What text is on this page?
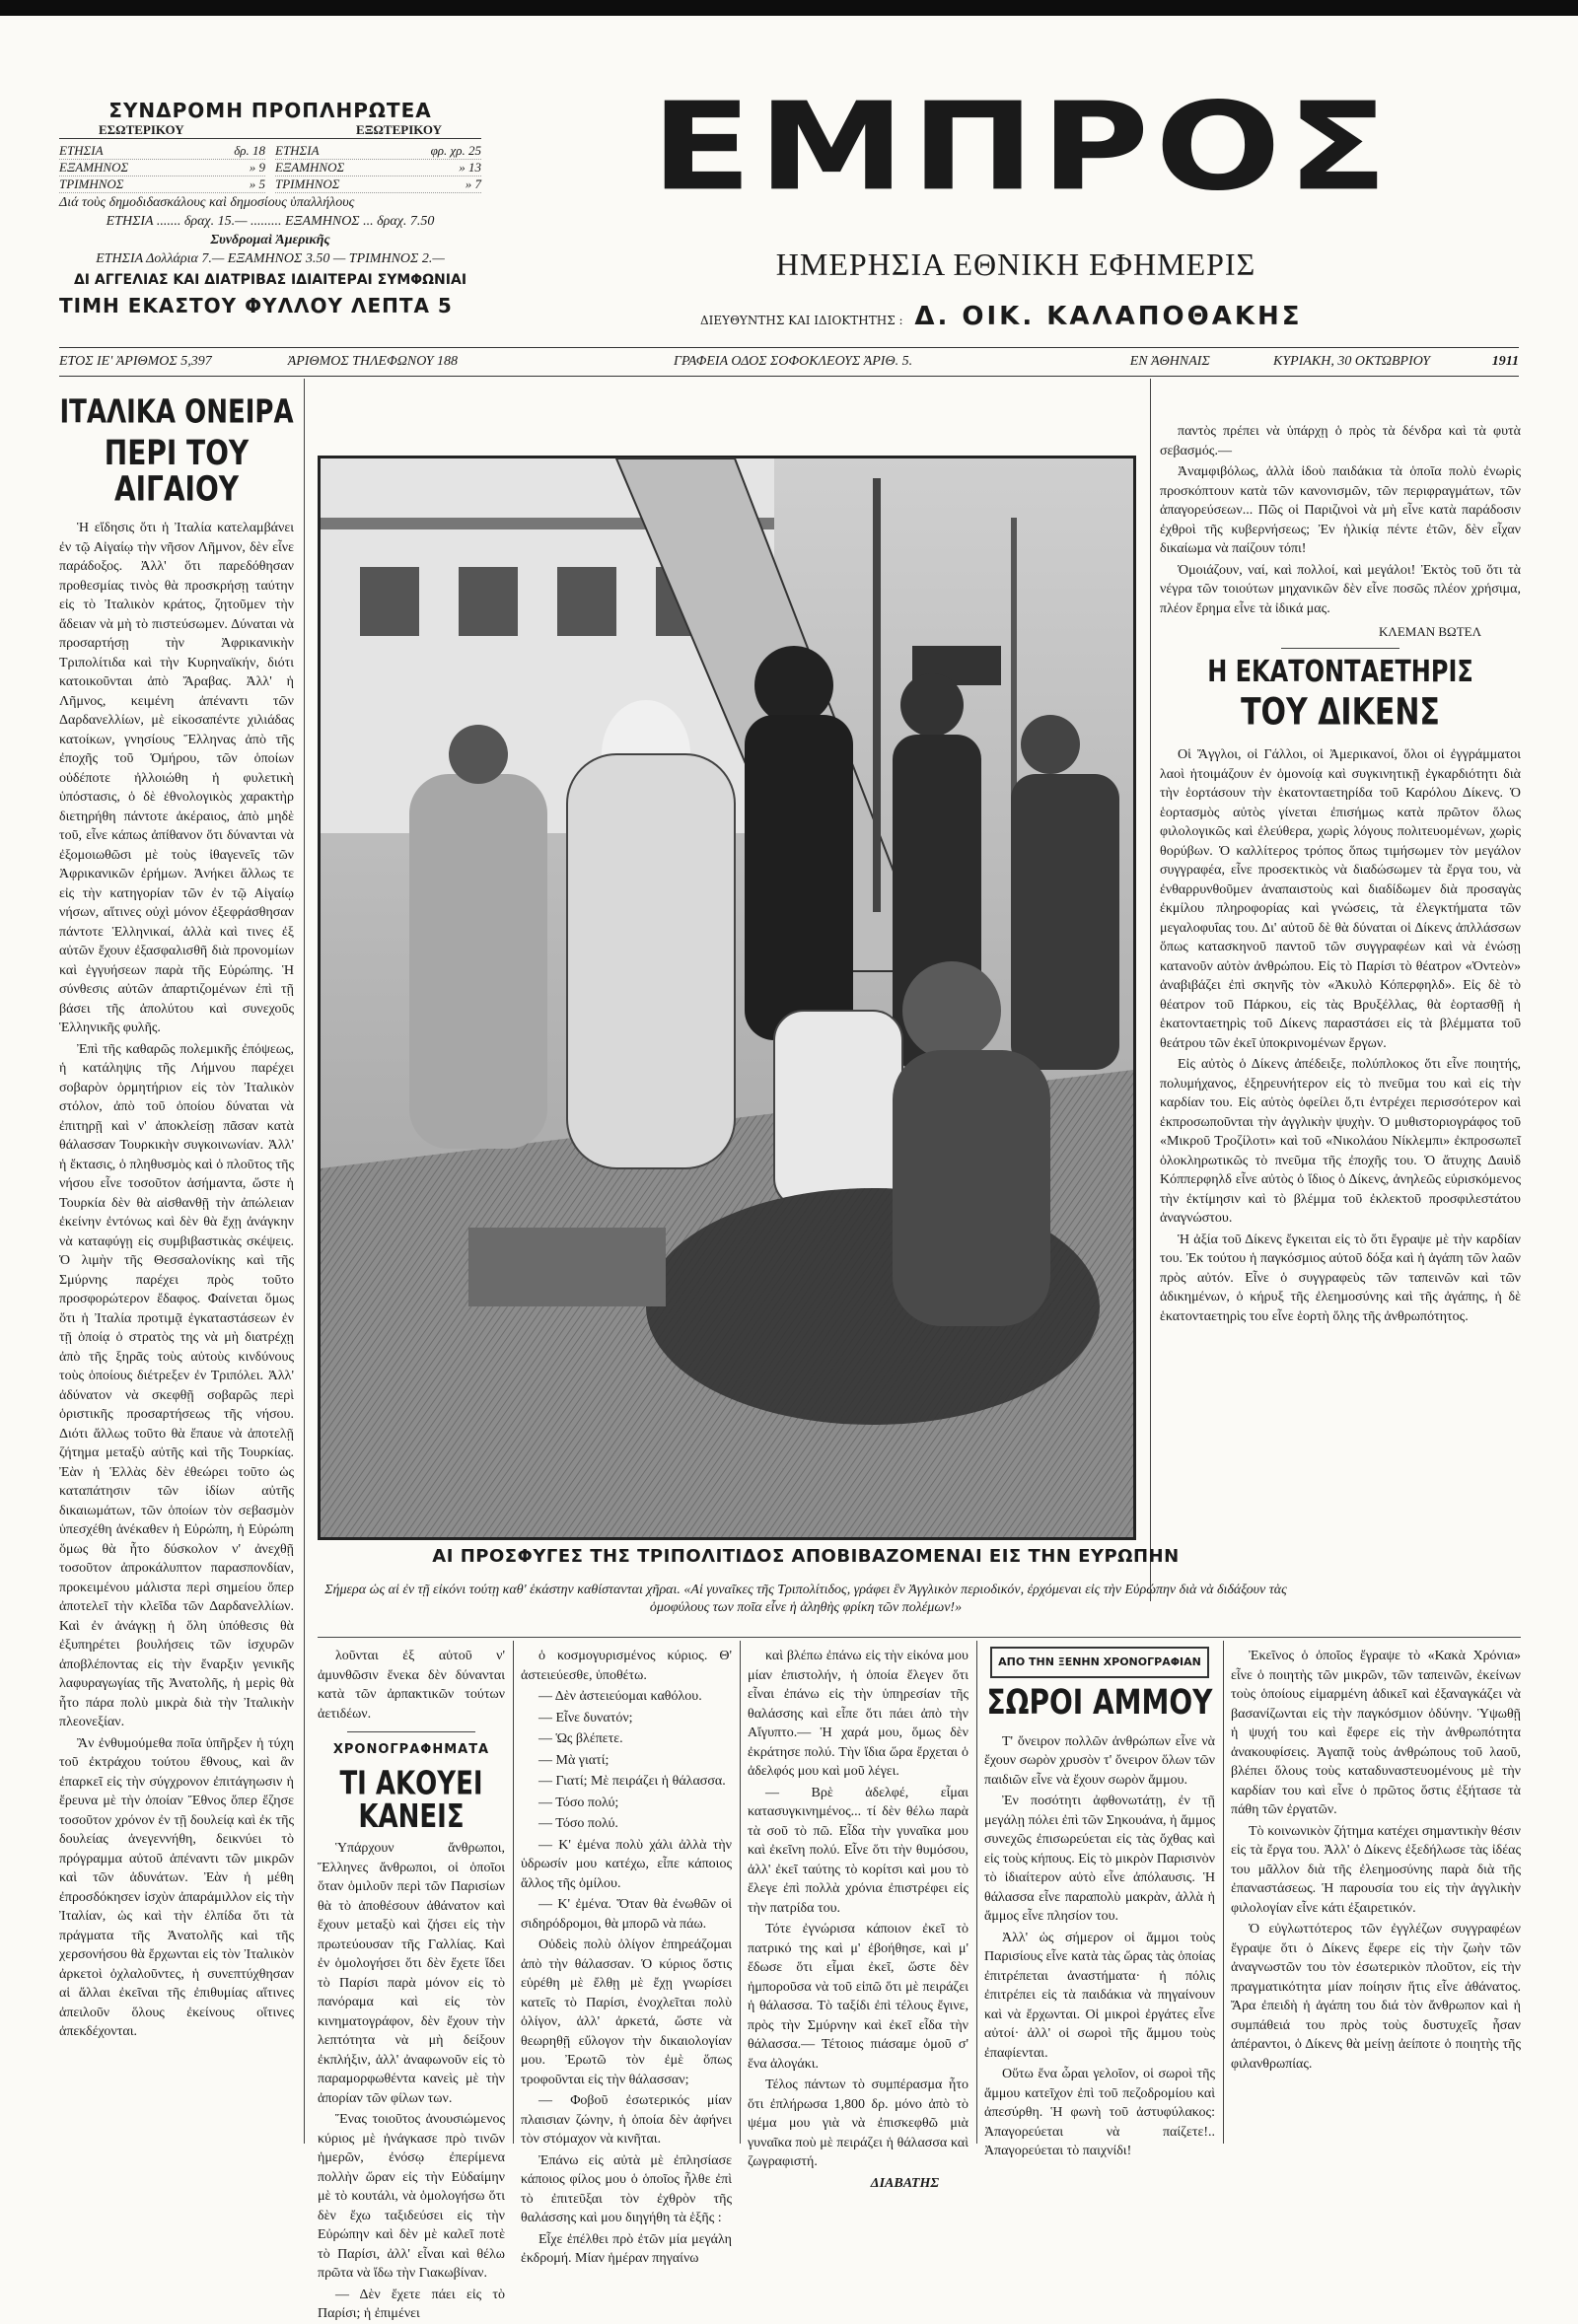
ΣΥΝΔΡΟΜΗ ΠΡΟΠΛΗΡΩΤΕΑ
ΕΣΩΤΕΡΙΚΟΥ	ΕΞΩΤΕΡΙΚΟΥ
ΕΤΗΣΙΑ	δρ. 18
ΕΞΑΜΗΝΟΣ	» 9
ΤΡΙΜΗΝΟΣ	» 5
ΕΤΗΣΙΑ	φρ. χρ. 25
ΕΞΑΜΗΝΟΣ	» 13
ΤΡΙΜΗΝΟΣ	» 7
Διά τοὺς δημοδιδασκάλους καὶ δημοσίους ὑπαλλήλους
ΕΤΗΣΙΑ ....... δραχ. 15.— ......... ΕΞΑΜΗΝΟΣ ... δραχ. 7.50
Συνδρομαὶ Ἀμερικῆς
ΕΤΗΣΙΑ Δολλάρια 7.— ΕΞΑΜΗΝΟΣ 3.50 — ΤΡΙΜΗΝΟΣ 2.—
ΔΙ ΑΓΓΕΛΙΑΣ ΚΑΙ ΔΙΑΤΡΙΒΑΣ ΙΔΙΑΙΤΕΡΑΙ ΣΥΜΦΩΝΙΑΙ
ΤΙΜΗ ΕΚΑΣΤΟΥ ΦΥΛΛΟΥ ΛΕΠΤΑ 5
ΕΜΠΡΟΣ
ΗΜΕΡΗΣΙΑ ΕΘΝΙΚΗ ΕΦΗΜΕΡΙΣ
ΔΙΕΥΘΥΝΤΗΣ ΚΑΙ ΙΔΙΟΚΤΗΤΗΣ : Δ. ΟΙΚ. ΚΑΛΑΠΟΘΑΚΗΣ
ΕΤΟΣ ΙΕ' ἈΡΙΘΜΟΣ 5,397	ἈΡΙΘΜΟΣ ΤΗΛΕΦΩΝΟΥ 188	ΓΡΑΦΕΙΑ ΟΔΟΣ ΣΟΦΟΚΛΕΟΥΣ ἈΡΙΘ. 5.	ΕΝ ἈΘΗΝΑΙΣ	ΚΥΡΙΑΚΗ, 30 ΟΚΤΩΒΡΙΟΥ	1911
ΙΤΑΛΙΚΑ ΟΝΕΙΡΑ
ΠΕΡΙ ΤΟΥ ΑΙΓΑΙΟΥ

Ἡ εἴδησις ὅτι ἡ Ἰταλία κατελαμβάνει ἐν τῷ Αἰγαίῳ τὴν νῆσον Λῆμνον, δὲν εἶνε παράδοξος. Ἀλλ' ὅτι παρεδόθησαν προθεσμίας τινὸς θὰ προσκρήσῃ ταύτην εἰς τὸ Ἰταλικὸν κράτος, ζητοῦμεν τὴν ἄδειαν νὰ μὴ τὸ πιστεύσωμεν. Δύναται νὰ προσαρτήσῃ τὴν Ἀφρικανικὴν Τριπολίτιδα καὶ τὴν Κυρηναϊκήν, διότι κατοικοῦνται ἀπὸ Ἄραβας. Ἀλλ' ἡ Λῆμνος, κειμένη ἀπέναντι τῶν Δαρδανελλίων, μὲ εἰκοσαπέντε χιλιάδας κατοίκων, γνησίους Ἕλληνας ἀπὸ τῆς ἐποχῆς τοῦ Ὁμήρου, τῶν ὁποίων οὐδέποτε ἠλλοιώθη ἡ φυλετικὴ ὑπόστασις, ὁ δὲ ἐθνολογικὸς χαρακτὴρ διετηρήθη πάντοτε ἀκέραιος, ἀπὸ μηδὲ τοῦ, εἶνε κάπως ἀπίθανον ὅτι δύνανται νὰ ἐξομοιωθῶσι μὲ τοὺς ἰθαγενεῖς τῶν Ἀφρικανικῶν ἐρήμων. Ἀνήκει ἄλλως τε εἰς τὴν κατηγορίαν τῶν ἐν τῷ Αἰγαίῳ νήσων, αἵτινες οὐχὶ μόνον ἐξεφράσθησαν πάντοτε Ἑλληνικαί, ἀλλὰ καὶ τινες ἐξ αὐτῶν ἔχουν ἐξασφαλισθῆ διὰ προνομίων καὶ ἐγγυήσεων παρὰ τῆς Εὐρώπης. Ἡ σύνθεσις αὐτῶν ἀπαρτιζομένων ἐπὶ τῇ βάσει τῆς ἀπολύτου καὶ συνεχοῦς Ἑλληνικῆς φυλῆς.

Ἐπὶ τῆς καθαρῶς πολεμικῆς ἐπόψεως, ἡ κατάληψις τῆς Λήμνου παρέχει σοβαρὸν ὁρμητήριον εἰς τὸν Ἰταλικὸν στόλον, ἀπὸ τοῦ ὁποίου δύναται νὰ ἐπιτηρῇ καὶ ν' ἀποκλείσῃ πᾶσαν κατὰ θάλασσαν Τουρκικὴν συγκοινωνίαν. Ἀλλ' ἡ ἔκτασις, ὁ πληθυσμὸς καὶ ὁ πλοῦτος τῆς νήσου εἶνε τοσοῦτον ἀσήμαντα, ὥστε ἡ Τουρκία δὲν θὰ αἰσθανθῇ τὴν ἀπώλειαν ἐκείνην ἐντόνως καὶ δὲν θὰ ἔχῃ ἀνάγκην νὰ καταφύγῃ εἰς συμβιβαστικὰς σκέψεις. Ὁ λιμὴν τῆς Θεσσαλονίκης καὶ τῆς Σμύρνης παρέχει πρὸς τοῦτο προσφορώτερον ἔδαφος. Φαίνεται ὅμως ὅτι ἡ Ἰταλία προτιμᾷ ἐγκαταστάσεων ἐν τῇ ὁποίᾳ ὁ στρατὸς της νὰ μὴ διατρέχῃ ἀπὸ τῆς ξηρᾶς τοὺς αὐτοὺς κινδύνους τοὺς ὁποίους διέτρεξεν ἐν Τριπόλει. Ἀλλ' ἀδύνατον νὰ σκεφθῇ σοβαρῶς περὶ ὁριστικῆς προσαρτήσεως τῆς νήσου. Διότι ἄλλως τοῦτο θὰ ἔπαυε νὰ ἀποτελῇ ζήτημα μεταξὺ αὐτῆς καὶ τῆς Τουρκίας. Ἐὰν ἡ Ἑλλὰς δὲν ἐθεώρει τοῦτο ὡς καταπάτησιν τῶν ἰδίων αὐτῆς δικαιωμάτων, τῶν ὁποίων τὸν σεβασμὸν ὑπεσχέθη ἀνέκαθεν ἡ Εὐρώπη, ἡ Εὐρώπη ὅμως θὰ ἦτο δύσκολον ν' ἀνεχθῇ τοσοῦτον ἀπροκάλυπτον παρασπονδίαν, προκειμένου μάλιστα περὶ σημείου ὅπερ ἀποτελεῖ τὴν κλεῖδα τῶν Δαρδανελλίων. Καὶ ἐν ἀνάγκῃ ἡ ὅλη ὑπόθεσις θὰ ἐξυπηρέτει βουλήσεις τῶν ἰσχυρῶν ἀποβλέποντας εἰς τὴν ἔναρξιν γενικῆς λαφυραγωγίας τῆς Ἀνατολῆς, ἡ μερὶς θὰ ἦτο πάρα πολὺ μικρὰ διὰ τὴν Ἰταλικὴν πλεονεξίαν.

Ἂν ἐνθυμούμεθα ποῖα ὑπῆρξεν ἡ τύχη τοῦ ἐκτράχου τούτου ἔθνους, καὶ ἂν ἐπαρκεῖ εἰς τὴν σύγχρονον ἐπιτάγηωσιν ἡ ἔρευνα μὲ τὴν ὁποίαν Ἔθνος ὅπερ ἔζησε τοσοῦτον χρόνον ἐν τῇ δουλείᾳ καὶ ἐκ τῆς δουλείας ἀνεγεννήθη, δεικνύει τὸ πρόγραμμα αὐτοῦ ἀπέναντι τῶν μικρῶν καὶ τῶν ἀδυνάτων. Ἐὰν ἡ μέθη ἐπροσδόκησεν ἰσχὺν ἀπαράμιλλον εἰς τὴν Ἰταλίαν, ὡς καὶ τὴν ἐλπίδα ὅτι τὰ πράγματα τῆς Ἀνατολῆς καὶ τῆς χερσονήσου θὰ ἔρχωνται εἰς τὸν Ἰταλικὸν ἀρκετοὶ ὀχλαλοῦντες, ἡ συνεπτύχθησαν αἱ ἄλλαι ἐκεῖναι τῆς ἐπιθυμίας αἵτινες ἀπειλοῦν ὅλους ἐκείνους οἵτινες ἀπεκδέχονται.

ΑΙ ΠΡΟΣΦΥΓΕΣ ΤΗΣ ΤΡΙΠΟΛΙΤΙΔΟΣ ΑΠΟΒΙΒΑΖΟΜΕΝΑΙ ΕΙΣ ΤΗΝ ΕΥΡΩΠΗΝ
Σήμερα ὡς αἱ ἐν τῇ εἰκόνι τούτῃ καθ' ἑκάστην καθίστανται χῆραι. «Αἱ γυναῖκες τῆς Τριπολίτιδος, γράφει ἓν Ἀγγλικὸν περιοδικόν, ἐρχόμεναι εἰς τὴν Εὐρώπην διὰ νὰ διδάξουν τὰς ὁμοφύλους των ποῖα εἶνε ἡ ἀληθὴς φρίκη τῶν πολέμων!»

παντὸς πρέπει νὰ ὑπάρχῃ ὁ πρὸς τὰ δένδρα καὶ τὰ φυτὰ σεβασμός.—

Ἀναμφιβόλως, ἀλλὰ ἰδοὺ παιδάκια τὰ ὁποῖα πολὺ ἐνωρὶς προσκόπτουν κατὰ τῶν κανονισμῶν, τῶν περιφραγμάτων, τῶν ἀπαγορεύσεων... Πῶς οἱ Παριζινοὶ νὰ μὴ εἶνε κατὰ παράδοσιν ἐχθροὶ τῆς κυβερνήσεως; Ἐν ἡλικίᾳ πέντε ἐτῶν, δὲν εἶχαν δικαίωμα νὰ παίζουν τόπι!

Ὁμοιάζουν, ναί, καὶ πολλοί, καὶ μεγάλοι! Ἐκτὸς τοῦ ὅτι τὰ νέγρα τῶν τοιούτων μηχανικῶν δὲν εἶνε ποσῶς πλέον χρήσιμα, πλέον ἔρημα εἶνε τὰ ἰδικά μας.

ΚΛΕΜΑΝ ΒΩΤΕΛ
Η ΕΚΑΤΟΝΤΑΕΤΗΡΙΣ
ΤΟΥ ΔΙΚΕΝΣ

Οἱ Ἄγγλοι, οἱ Γάλλοι, οἱ Ἀμερικανοί, ὅλοι οἱ ἐγγράμματοι λαοὶ ἡτοιμάζουν ἐν ὁμονοίᾳ καὶ συγκινητικῇ ἐγκαρδιότητι διὰ τὴν ἑορτάσουν τὴν ἑκατονταετηρίδα τοῦ Καρόλου Δίκενς. Ὁ ἑορτασμὸς αὐτὸς γίνεται ἐπισήμως κατὰ πρῶτον ὅλως φιλολογικῶς καὶ ἐλεύθερα, χωρὶς λόγους πολιτευομένων, χωρὶς θορύβων. Ὁ καλλίτερος τρόπος ὅπως τιμήσωμεν τὸν μεγάλον συγγραφέα, εἶνε προσεκτικὸς νὰ διαδώσωμεν τὰ ἔργα του, νὰ ἐνθαρρυνθοῦμεν ἀναπαιστοὺς καὶ διαδίδωμεν διὰ προσαγὰς ἐκμίλου πληροφορίας καὶ γνώσεις, τὰ ἐλεγκτήματα τῶν μεγαλοφυΐας του. Δι' αὐτοῦ δὲ θὰ δύναται οἱ Δίκενς ἀπλλάσσων ὅπως κατασκηνοῦ παντοῦ τῶν συγγραφέων καὶ νὰ ἐνώσῃ κατανοῦν αὐτὸν ἀνθρώπου. Εἰς τὸ Παρίσι τὸ θέατρον «Ὀντεὸν» ἀναβιβάζει ἐπὶ σκηνῆς τὸν «Ἀκυλὸ Κόπερφηλδ». Εἰς δὲ τὸ θέατρον τοῦ Πάρκου, εἰς τὰς Βρυξέλλας, θὰ ἑορτασθῇ ἡ ἑκατονταετηρὶς τοῦ Δίκενς παραστάσει εἰς τὰ βλέμματα τοῦ θεάτρου τῶν ἐκεῖ ὑποκρινομένων ἔργων.

Εἰς αὐτὸς ὁ Δίκενς ἀπέδειξε, πολύπλοκος ὅτι εἶνε ποιητής, πολυμήχανος, ἐξηρευνήτερον εἰς τὸ πνεῦμα του καὶ εἰς τὴν καρδίαν του. Εἰς αὐτὸς ὀφείλει ὅ,τι ἐντρέχει περισσότερον καὶ ἐκπροσωποῦνται τὴν ἀγγλικὴν ψυχὴν. Ὁ μυθιστοριογράφος τοῦ «Μικροῦ Τροζίλοτι» καὶ τοῦ «Νικολάου Νίκλεμπι» ἐκπροσωπεῖ ὁλοκληρωτικῶς τὸ πνεῦμα τῆς ἐποχῆς του. Ὁ ἄτυχης Δαυὶδ Κόππερφηλδ εἶνε αὐτὸς ὁ ἴδιος ὁ Δίκενς, ἀνηλεῶς εὑρισκόμενος τὴν ἐκτίμησιν καὶ τὸ βλέμμα τοῦ ἐκλεκτοῦ προσφιλεστάτου ἀναγνώστου.

Ἡ ἀξία τοῦ Δίκενς ἔγκειται εἰς τὸ ὅτι ἔγραψε μὲ τὴν καρδίαν του. Ἐκ τούτου ἡ παγκόσμιος αὐτοῦ δόξα καὶ ἡ ἀγάπη τῶν λαῶν πρὸς αὐτόν. Εἶνε ὁ συγγραφεὺς τῶν ταπεινῶν καὶ τῶν ἀδικημένων, ὁ κήρυξ τῆς ἐλεημοσύνης καὶ τῆς ἀγάπης, ἡ δὲ ἑκατονταετηρὶς του εἶνε ἑορτὴ ὅλης τῆς ἀνθρωπότητος.

λοῦνται ἐξ αὐτοῦ ν' ἀμυνθῶσιν ἕνεκα δὲν δύνανται κατὰ τῶν ἀρπακτικῶν τούτων ἀετιδέων.

ΧΡΟΝΟΓΡΑΦΗΜΑΤΑ
ΤΙ ΑΚΟΥΕΙ ΚΑΝΕΙΣ

Ὑπάρχουν ἄνθρωποι, Ἕλληνες ἄνθρωποι, οἱ ὁποῖοι ὅταν ὁμιλοῦν περὶ τῶν Παρισίων θὰ τὸ ἀποθέσουν ἀθάνατον καὶ ἔχουν μεταξὺ καὶ ζήσει εἰς τὴν πρωτεύουσαν τῆς Γαλλίας. Καὶ ἐν ὁμολογήσει ὅτι δὲν ἔχετε ἴδει τὸ Παρίσι παρὰ μόνον εἰς τὸ πανόραμα καὶ εἰς τὸν κινηματογράφον, δὲν ἔχουν τὴν λεπτότητα νὰ μὴ δείξουν ἐκπλήξιν, ἀλλ' ἀναφωνοῦν εἰς τὸ παραμορφωθέντα κανεὶς μὲ τὴν ἀπορίαν τῶν φίλων των.

Ἕνας τοιοῦτος ἀνουσιώμενος κύριος μὲ ἠνάγκασε πρὸ τινῶν ἡμερῶν, ἐνόσῳ ἐπερίμενα πολλὴν ὥραν εἰς τὴν Εὐδαίμην μὲ τὸ κουτάλι, νὰ ὁμολογήσω ὅτι δὲν ἔχω ταξιδεύσει εἰς τὴν Εὐρώπην καὶ δὲν μὲ καλεῖ ποτὲ τὸ Παρίσι, ἀλλ' εἶναι καὶ θέλω πρῶτα νὰ ἴδω τὴν Γιακωβίναν.

— Δὲν ἔχετε πάει εἰς τὸ Παρίσι; ἡ ἐπιμένει

ὁ κοσμογυρισμένος κύριος. Θ' ἀστειεύεσθε, ὑποθέτω.

— Δὲν ἀστειεύομαι καθόλου.

— Εἶνε δυνατόν;

— Ὡς βλέπετε.

— Μὰ γιατί;

— Γιατί; Μὲ πειράζει ἡ θάλασσα.

— Τόσο πολύ;

— Τόσο πολύ.

— Κ' ἐμένα πολὺ χάλι ἀλλὰ τὴν ὑδρωσίν μου κατέχω, εἶπε κάποιος ἄλλος τῆς ὁμίλου.

— Κ' ἐμένα. Ὅταν θὰ ἐνωθῶν οἱ σιδηρόδρομοι, θὰ μπορῶ νὰ πάω.

Οὐδεὶς πολὺ ὀλίγον ἐπηρεάζομαι ἀπὸ τὴν θάλασσαν. Ὁ κύριος ὅστις εὑρέθη μὲ ἔλθῃ μὲ ἔχῃ γνωρίσει κατεῖς τὸ Παρίσι, ἐνοχλεῖται πολὺ ὀλίγον, ἀλλ' ἀρκετά, ὥστε νὰ θεωρηθῇ εὔλογον τὴν δικαιολογίαν μου. Ἐρωτῶ τὸν ἐμὲ ὅπως τροφοῦνται εἰς τὴν θάλασσαν;

— Φοβοῦ ἐσωτερικός μίαν πλαισιαν ζώνην, ἡ ὁποία δὲν ἀφήνει τὸν στόμαχον νὰ κινῆται.

Ἐπάνω εἰς αὐτὰ μὲ ἐπλησίασε κάποιος φίλος μου ὁ ὁποῖος ἦλθε ἐπὶ τὸ ἐπιτεῦξαι τὸν ἐχθρὸν τῆς θαλάσσης καὶ μου διηγήθη τὰ ἑξῆς :

Εἶχε ἐπέλθει πρὸ ἐτῶν μία μεγάλη ἐκδρομή. Μίαν ἡμέραν πηγαίνω

καὶ βλέπω ἐπάνω εἰς τὴν εἰκόνα μου μίαν ἐπιστολήν, ἡ ὁποία ἔλεγεν ὅτι εἶναι ἐπάνω εἰς τὴν ὑπηρεσίαν τῆς θαλάσσης καὶ εἶπε ὅτι πάει ἀπὸ τὴν Αἴγυπτο.— Ἡ χαρά μου, ὅμως δὲν ἐκράτησε πολύ. Τὴν ἴδια ὥρα ἔρχεται ὁ ἀδελφός μου καὶ μοῦ λέγει.

— Βρὲ ἀδελφέ, εἶμαι κατασυγκινημένος... τί δὲν θέλω παρὰ τὰ σοῦ τὸ πῶ. Εἶδα τὴν γυναῖκα μου καὶ ἐκεῖνη πολύ. Εἶνε ὅτι τὴν θυμόσου, ἀλλ' ἐκεῖ ταύτης τὸ κορίτσι καὶ μου τὸ ἔλεγε ἐπὶ πολλὰ χρόνια ἐπιστρέφει εἰς τὴν πατρίδα του.

Τότε ἐγνώρισα κάποιον ἐκεῖ τὸ πατρικό της καὶ μ' ἐβοήθησε, καὶ μ' ἔδωσε ὅτι εἶμαι ἐκεῖ, ὥστε δὲν ἠμποροῦσα νὰ τοῦ εἰπῶ ὅτι μὲ πειράζει ἡ θάλασσα. Τὸ ταξίδι ἐπὶ τέλους ἔγινε, πρὸς τὴν Σμύρνην καὶ ἐκεῖ εἶδα τὴν θάλασσα.— Τέτοιος πιάσαμε ὁμοῦ σ' ἕνα ἀλογάκι.

Τέλος πάντων τὸ συμπέρασμα ἦτο ὅτι ἐπλήρωσα 1,800 δρ. μόνο ἀπὸ τὸ ψέμα μου γιὰ νὰ ἐπισκεφθῶ μιὰ γυναῖκα ποὺ μὲ πειράζει ἡ θάλασσα καὶ ζωγραφιστή.

ΔΙΑΒΑΤΗΣ
ΑΠΟ ΤΗΝ ΞΕΝΗΝ ΧΡΟΝΟΓΡΑΦΙΑΝ
ΣΩΡΟΙ ΑΜΜΟΥ

Τ' ὄνειρον πολλῶν ἀνθρώπων εἶνε νὰ ἔχουν σωρὸν χρυσὸν τ' ὄνειρον ὅλων τῶν παιδιῶν εἶνε νὰ ἔχουν σωρὸν ἄμμου.

Ἐν ποσότητι ἀφθονωτάτῃ, ἐν τῇ μεγάλῃ πόλει ἐπὶ τῶν Σηκουάνα, ἡ ἄμμος συνεχῶς ἐπισωρεύεται εἰς τὰς ὄχθας καὶ εἰς τοὺς κήπους. Εἰς τὸ μικρὸν Παρισινὸν τὸ ἰδιαίτερον αὐτὸ εἶνε ἀπόλαυσις. Ἡ θάλασσα εἶνε παραπολὺ μακρὰν, ἀλλὰ ἡ ἄμμος εἶνε πλησίον του.

Ἀλλ' ὡς σήμερον οἱ ἄμμοι τοὺς Παρισίους εἶνε κατὰ τὰς ὥρας τὰς ὁποίας ἐπιτρέπεται ἀναστήματα· ἡ πόλις ἐπιτρέπει εἰς τὰ παιδάκια νὰ πηγαίνουν καὶ νὰ ἔρχωνται. Οἱ μικροὶ ἐργάτες εἶνε αὐτοί· ἀλλ' οἱ σωροὶ τῆς ἄμμου τοὺς ἐπαφίενται.

Οὕτω ἔνα ὧραι γελοῖον, οἱ σωροὶ τῆς ἄμμου κατεῖχον ἐπὶ τοῦ πεζοδρομίου καὶ ἀπεσύρθη. Ἡ φωνὴ τοῦ ἀστυφύλακος: Ἀπαγορεύεται νὰ παίζετε!.. Ἀπαγορεύεται τὸ παιχνίδι!

Ἐκεῖνος ὁ ὁποῖος ἔγραψε τὸ «Κακὰ Χρόνια» εἶνε ὁ ποιητὴς τῶν μικρῶν, τῶν ταπεινῶν, ἐκείνων τοὺς ὁποίους εἰμαρμένη ἀδικεῖ καὶ ἐξαναγκάζει νὰ βασανίζωνται εἰς τὴν παγκόσμιον ὀδύνην. Ὑψωθῇ ἡ ψυχή του καὶ ἔφερε εἰς τὴν ἀνθρωπότητα ἀνακουφίσεις. Ἀγαπᾷ τοὺς ἀνθρώπους τοῦ λαοῦ, βλέπει ὅλους τοὺς καταδυναστευομένους μὲ τὴν καρδίαν του καὶ εἶνε ὁ πρῶτος ὅστις ἐξήτασε τὰ πάθη τῶν ἐργατῶν.

Τὸ κοινωνικὸν ζήτημα κατέχει σημαντικὴν θέσιν εἰς τὰ ἔργα του. Ἀλλ' ὁ Δίκενς ἐξεδήλωσε τὰς ἰδέας του μᾶλλον διὰ τῆς ἐλεημοσύνης παρὰ διὰ τῆς ἐπαναστάσεως. Ἡ παρουσία του εἰς τὴν ἀγγλικὴν φιλολογίαν εἶνε κάτι ἐξαιρετικόν.

Ὁ εὐγλωττότερος τῶν ἐγγλέζων συγγραφέων ἔγραψε ὅτι ὁ Δίκενς ἔφερε εἰς τὴν ζωὴν τῶν ἀναγνωστῶν του τὸν ἐσωτερικὸν πλοῦτον, εἰς τὴν πραγματικότητα μίαν ποίησιν ἥτις εἶνε ἀθάνατος. Ἄρα ἐπειδὴ ἡ ἀγάπη του διά τὸν ἄνθρωπον καὶ ἡ συμπάθειά του πρὸς τοὺς δυστυχεῖς ἦσαν ἀπέραντοι, ὁ Δίκενς θὰ μείνῃ ἀείποτε ὁ ποιητὴς τῆς φιλανθρωπίας.
